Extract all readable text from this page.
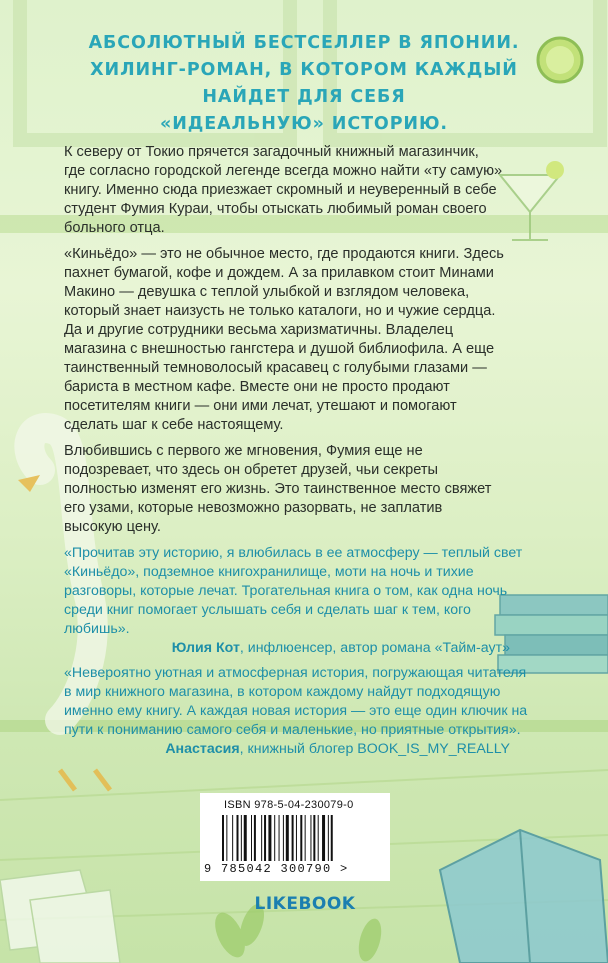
АБСОЛЮТНЫЙ БЕСТСЕЛЛЕР В ЯПОНИИ.
ХИЛИНГ-РОМАН, В КОТОРОМ КАЖДЫЙ
НАЙДЕТ ДЛЯ СЕБЯ
«ИДЕАЛЬНУЮ» ИСТОРИЮ.

К северу от Токио прячется загадочный книжный магазинчик, где согласно городской легенде всегда можно найти «ту самую» книгу. Именно сюда приезжает скромный и неуверенный в себе студент Фумия Кураи, чтобы отыскать любимый роман своего больного отца.

«Киньёдо» — это не обычное место, где продаются книги. Здесь пахнет бумагой, кофе и дождем. А за прилавком стоит Минами Макино — девушка с теплой улыбкой и взглядом человека, который знает наизусть не только каталоги, но и чужие сердца. Да и другие сотрудники весьма харизматичны. Владелец магазина с внешностью гангстера и душой библиофила. А еще таинственный темноволосый красавец с голубыми глазами — бариста в местном кафе. Вместе они не просто продают посетителям книги — они ими лечат, утешают и помогают сделать шаг к себе настоящему.

Влюбившись с первого же мгновения, Фумия еще не подозревает, что здесь он обретет друзей, чьи секреты полностью изменят его жизнь. Это таинственное место свяжет его узами, которые невозможно разорвать, не заплатив высокую цену.

«Прочитав эту историю, я влюбилась в ее атмосферу — теплый свет «Киньёдо», подземное книгохранилище, моти на ночь и тихие разговоры, которые лечат. Трогательная книга о том, как одна ночь среди книг помогает услышать себя и сделать шаг к тем, кого любишь».
Юлия Кот, инфлюенсер, автор романа «Тайм-аут»

«Невероятно уютная и атмосферная история, погружающая читателя в мир книжного магазина, в котором каждому найдут подходящую именно ему книгу. А каждая новая история — это еще один ключик на пути к пониманию самого себя и маленькие, но приятные открытия».
Анастасия, книжный блогер BOOK_IS_MY_REALLY

ISBN 978-5-04-230079-0
9 785042 300790 >
LIKEBOOK
